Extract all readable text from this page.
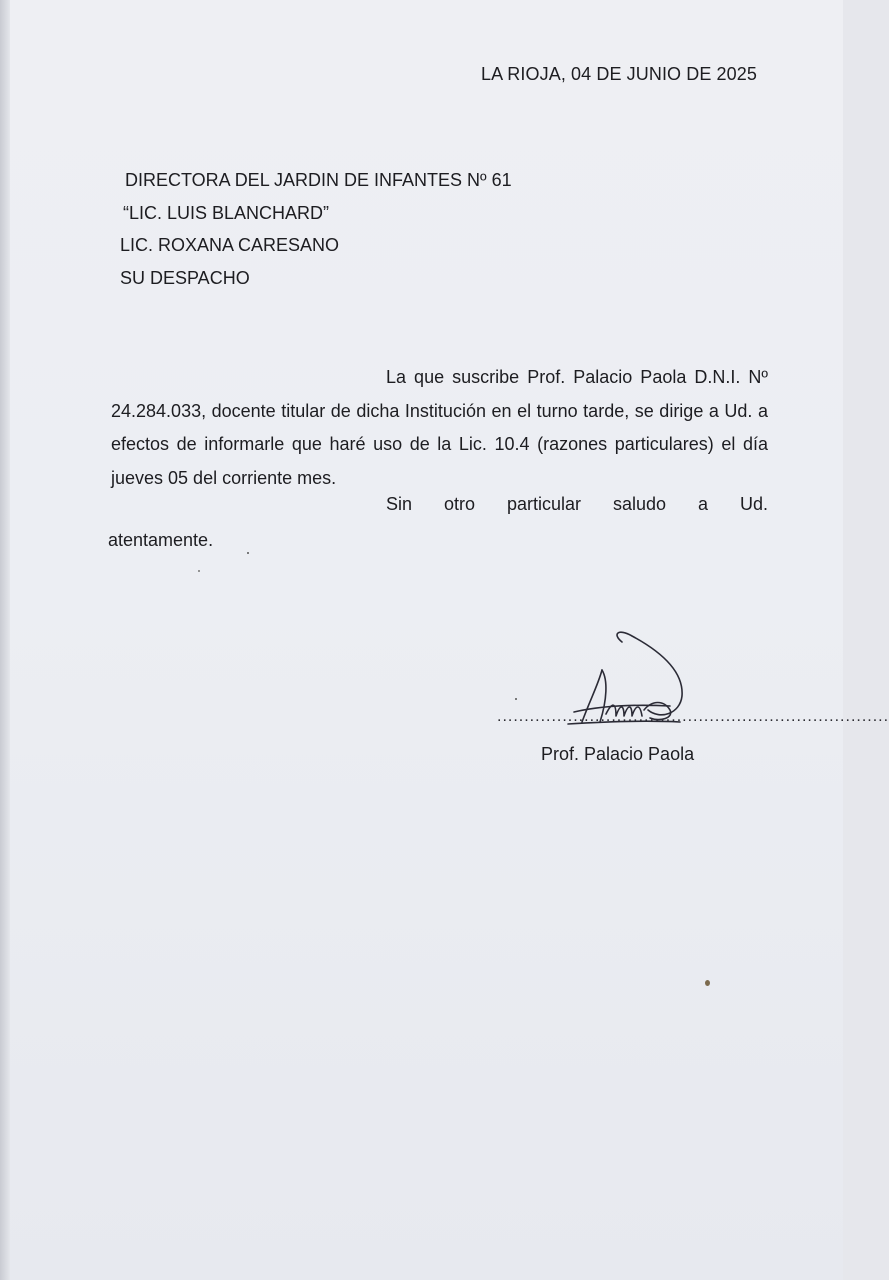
LA RIOJA, 04 DE JUNIO DE 2025
DIRECTORA DEL JARDIN DE INFANTES Nº 61
“LIC. LUIS BLANCHARD”
LIC. ROXANA CARESANO
SU DESPACHO
La que suscribe Prof. Palacio Paola D.N.I. Nº 24.284.033, docente titular de dicha Institución en el turno tarde, se dirige a Ud. a efectos de informarle que haré uso de la Lic. 10.4 (razones particulares) el día jueves 05 del corriente mes.
Sin otro particular saludo a Ud.
atentamente.
........................................................................
Prof. Palacio Paola
